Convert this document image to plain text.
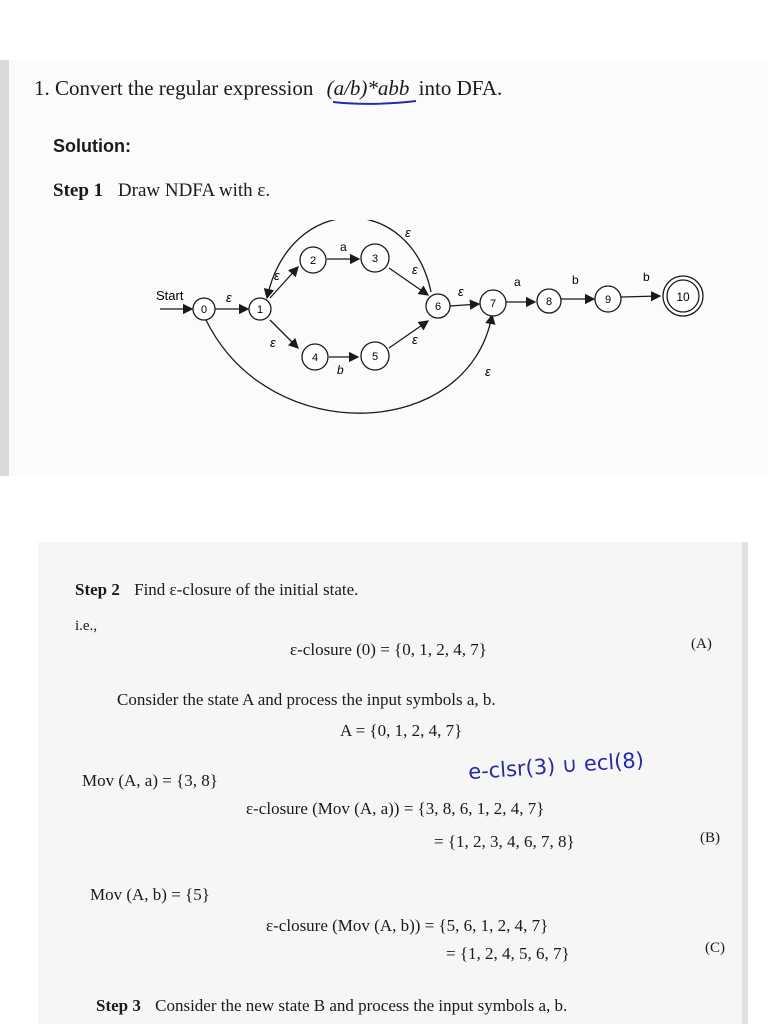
1. Convert the regular expression (a/b)*abb into DFA.
Solution:
Step 1 Draw NDFA with ε.
Start
0	1
2	3
4	5
6	7	8	9	10
ε
ε
a
ε
ε
b
ε
ε
a	b	b
ε
ε
Step 2 Find ε-closure of the initial state.
i.e.,
ε-closure (0) = {0, 1, 2, 4, 7}	(A)
Consider the state A and process the input symbols a, b.
A = {0, 1, 2, 4, 7}
Mov (A, a) = {3, 8}	e-clsr(3) ∪ ecl(8)
ε-closure (Mov (A, a)) = {3, 8, 6, 1, 2, 4, 7}
= {1, 2, 3, 4, 6, 7, 8}	(B)
Mov (A, b) = {5}
ε-closure (Mov (A, b)) = {5, 6, 1, 2, 4, 7}
= {1, 2, 4, 5, 6, 7}	(C)
Step 3 Consider the new state B and process the input symbols a, b.
